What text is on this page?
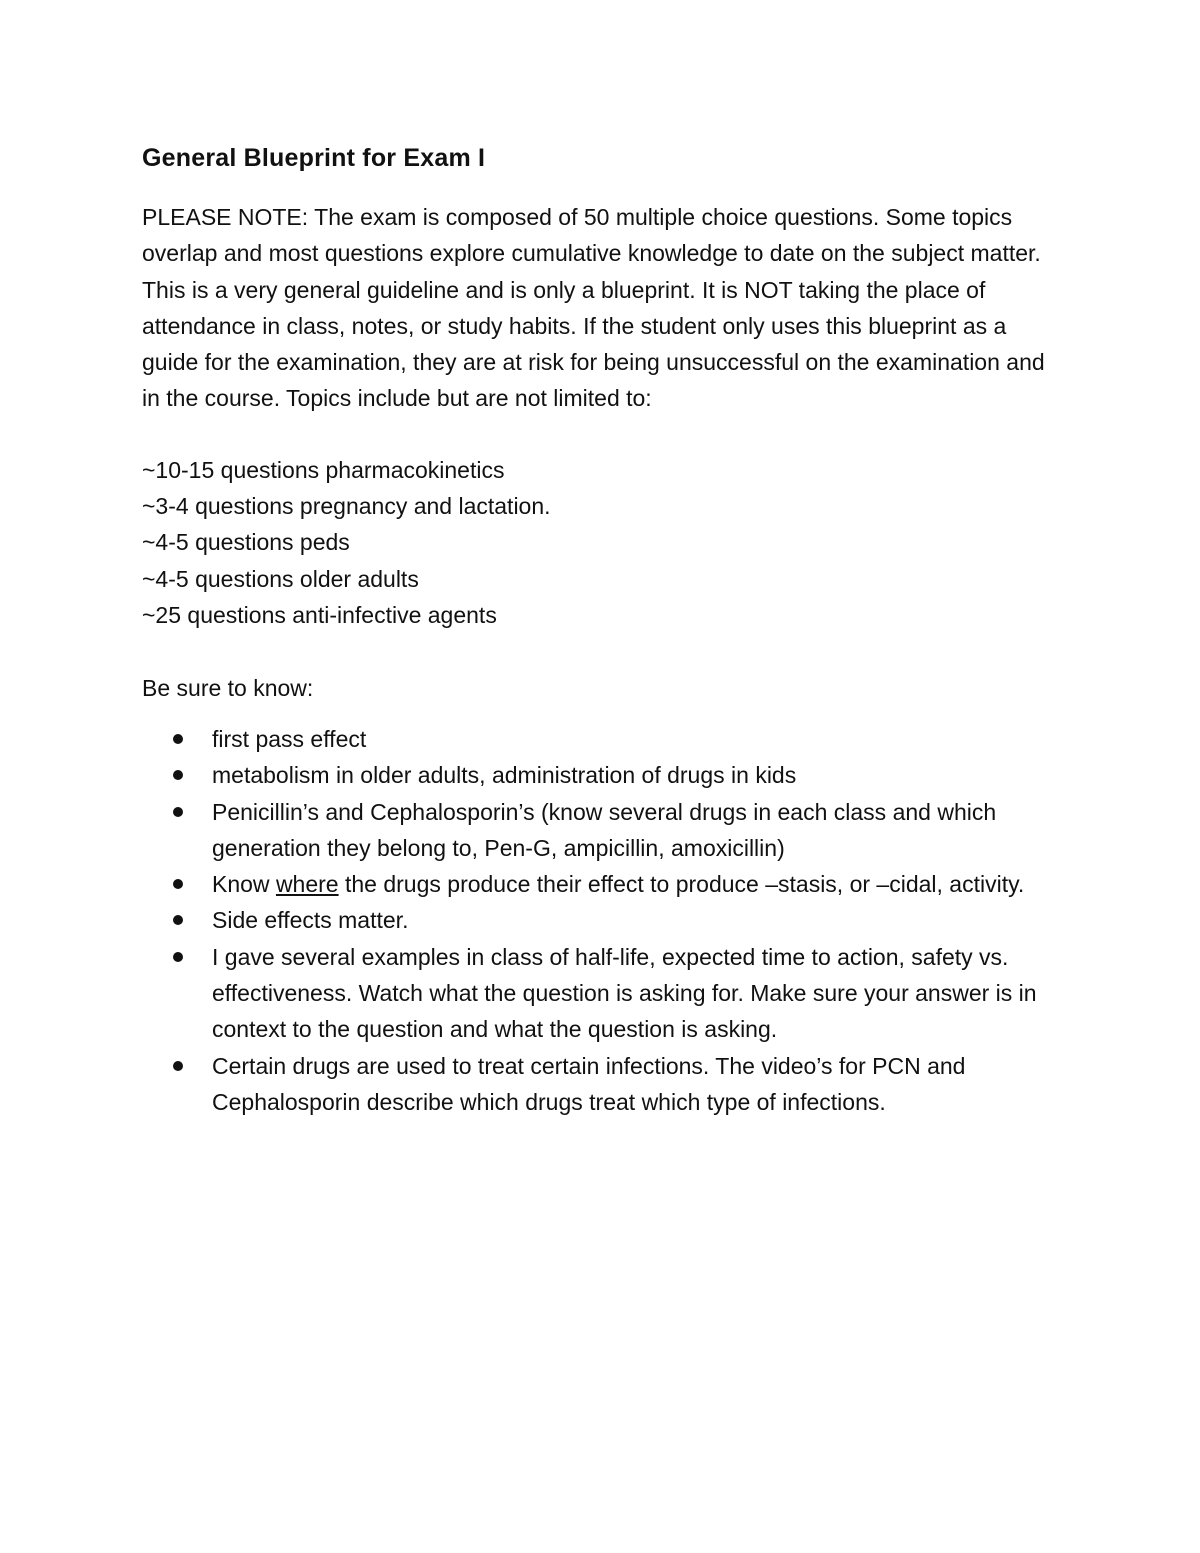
General Blueprint for Exam I

PLEASE NOTE: The exam is composed of 50 multiple choice questions. Some topics overlap and most questions explore cumulative knowledge to date on the subject matter. This is a very general guideline and is only a blueprint. It is NOT taking the place of attendance in class, notes, or study habits. If the student only uses this blueprint as a guide for the examination, they are at risk for being unsuccessful on the examination and in the course. Topics include but are not limited to:

~10-15 questions pharmacokinetics
~3-4 questions pregnancy and lactation.
~4-5 questions peds
~4-5 questions older adults
~25 questions anti-infective agents

Be sure to know:

first pass effect
metabolism in older adults, administration of drugs in kids
Penicillin’s and Cephalosporin’s (know several drugs in each class and which generation they belong to, Pen-G, ampicillin, amoxicillin)
Know where the drugs produce their effect to produce –stasis, or –cidal, activity.
Side effects matter.
I gave several examples in class of half-life, expected time to action, safety vs. effectiveness. Watch what the question is asking for. Make sure your answer is in context to the question and what the question is asking.
Certain drugs are used to treat certain infections. The video’s for PCN and Cephalosporin describe which drugs treat which type of infections.
